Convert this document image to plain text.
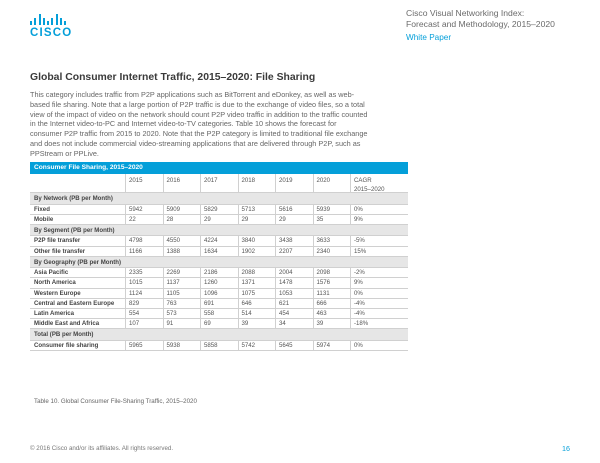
CISCO
Cisco Visual Networking Index:
Forecast and Methodology, 2015–2020
White Paper
Global Consumer Internet Traffic, 2015–2020: File Sharing
This category includes traffic from P2P applications such as BitTorrent and eDonkey, as well as web-based file sharing. Note that a large portion of P2P traffic is due to the exchange of video files, so a total view of the impact of video on the network should count P2P video traffic in addition to the traffic counted in the Internet video-to-PC and Internet video-to-TV categories. Table 10 shows the forecast for consumer P2P traffic from 2015 to 2020. Note that the P2P category is limited to traditional file exchange and does not include commercial video-streaming applications that are delivered through P2P, such as PPStream or PPLive.
Consumer File Sharing, 2015–2020
2015	2016	2017	2018	2019	2020	CAGR
2015–2020
By Network (PB per Month)
Fixed	5942	5909	5829	5713	5616	5939	0%
Mobile	22	28	29	29	29	35	9%
By Segment (PB per Month)
P2P file transfer	4798	4550	4224	3840	3438	3633	-5%
Other file transfer	1166	1388	1634	1902	2207	2340	15%
By Geography (PB per Month)
Asia Pacific	2335	2269	2186	2088	2004	2098	-2%
North America	1015	1137	1260	1371	1478	1576	9%
Western Europe	1124	1105	1096	1075	1053	1131	0%
Central and Eastern Europe	829	763	691	646	621	666	-4%
Latin America	554	573	558	514	454	463	-4%
Middle East and Africa	107	91	69	39	34	39	-18%
Total (PB per Month)
Consumer file sharing	5965	5938	5858	5742	5645	5974	0%
Table 10. Global Consumer File-Sharing Traffic, 2015–2020
© 2016 Cisco and/or its affiliates. All rights reserved.	16
